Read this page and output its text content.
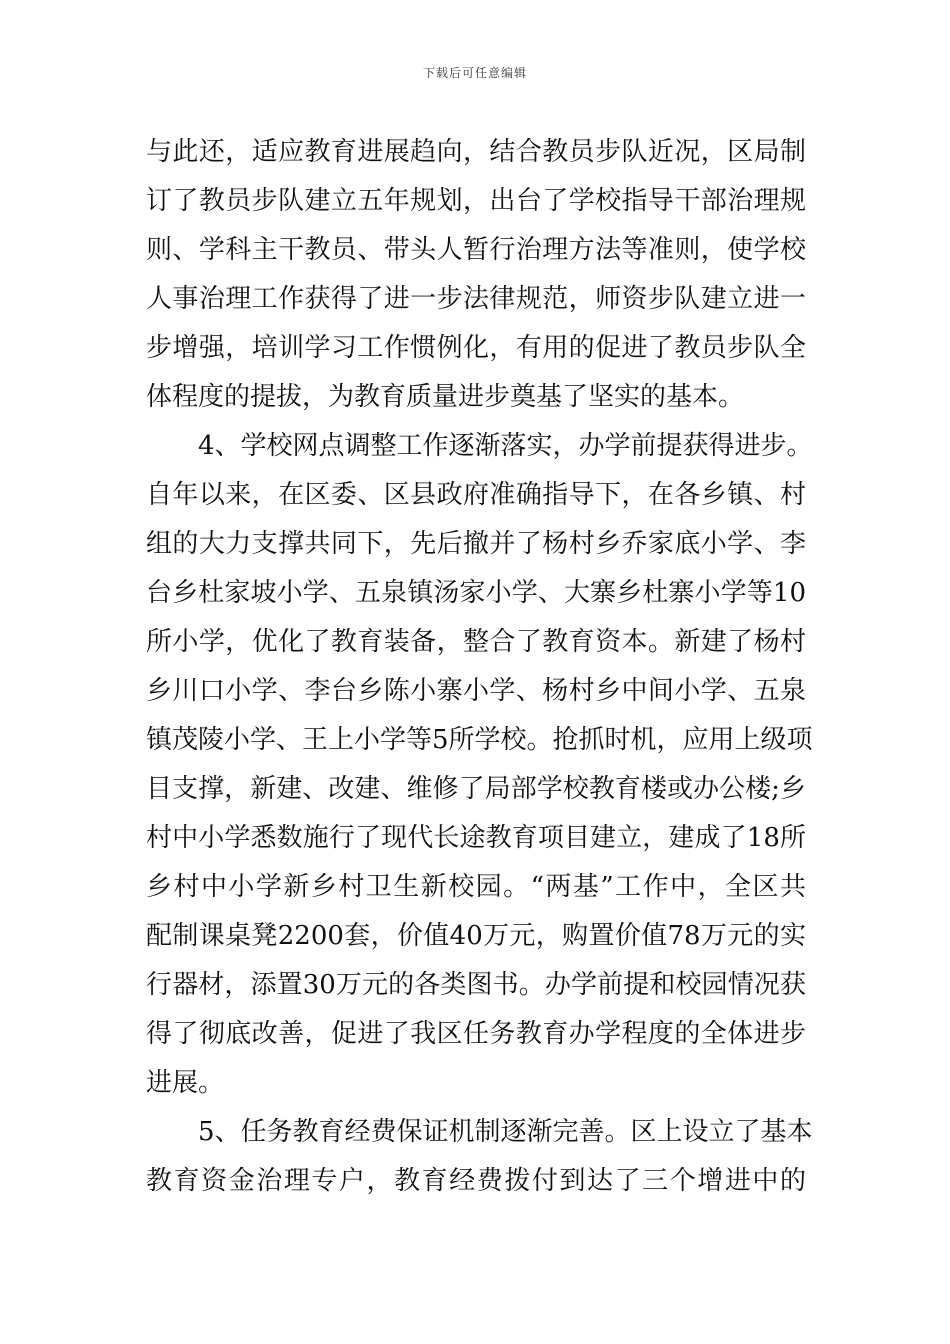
下载后可任意编辑
与此还，适应教育进展趋向，结合教员步队近况，区局制
订了教员步队建立五年规划，出台了学校指导干部治理规
则、学科主干教员、带头人暂行治理方法等准则，使学校
人事治理工作获得了进一步法律规范，师资步队建立进一
步增强，培训学习工作惯例化，有用的促进了教员步队全
体程度的提拔，为教育质量进步奠基了坚实的基本。
4、学校网点调整工作逐渐落实，办学前提获得进步。
自年以来，在区委、区县政府准确指导下，在各乡镇、村
组的大力支撑共同下，先后撤并了杨村乡乔家底小学、李
台乡杜家坡小学、五泉镇汤家小学、大寨乡杜寨小学等10
所小学，优化了教育装备，整合了教育资本。新建了杨村
乡川口小学、李台乡陈小寨小学、杨村乡中间小学、五泉
镇茂陵小学、王上小学等5所学校。抢抓时机，应用上级项
目支撑，新建、改建、维修了局部学校教育楼或办公楼;乡
村中小学悉数施行了现代长途教育项目建立，建成了18所
乡村中小学新乡村卫生新校园。“两基”工作中，全区共
配制课桌凳2200套，价值40万元，购置价值78万元的实
行器材，添置30万元的各类图书。办学前提和校园情况获
得了彻底改善，促进了我区任务教育办学程度的全体进步
进展。
5、任务教育经费保证机制逐渐完善。区上设立了基本
教育资金治理专户，教育经费拨付到达了三个增进中的
